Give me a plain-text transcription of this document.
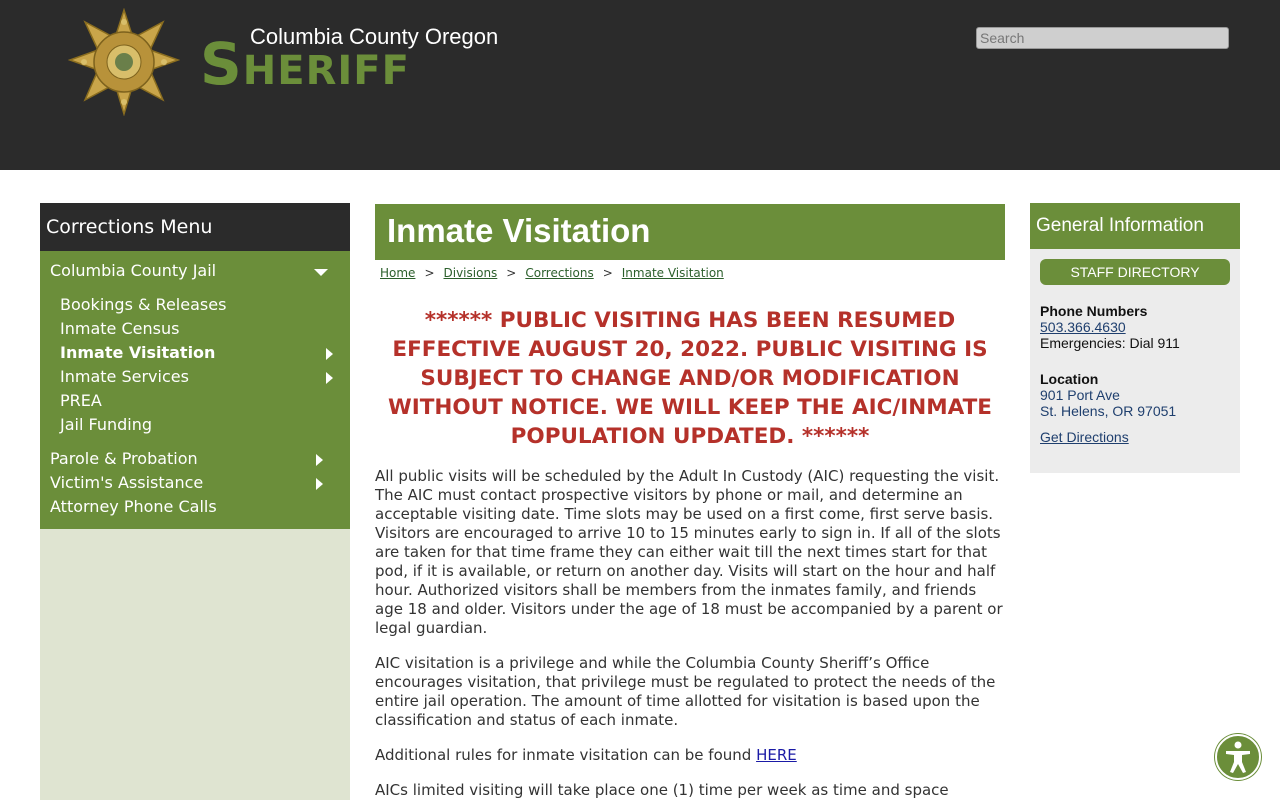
Columbia County Oregon
SHERIFF
Search
Corrections Menu
Columbia County Jail
Bookings & Releases
Inmate Census
Inmate Visitation
Inmate Services
PREA
Jail Funding
Parole & Probation
Victim's Assistance
Attorney Phone Calls
Inmate Visitation
Home > Divisions > Corrections > Inmate Visitation
****** PUBLIC VISITING HAS BEEN RESUMED EFFECTIVE AUGUST 20, 2022. PUBLIC VISITING IS SUBJECT TO CHANGE AND/OR MODIFICATION WITHOUT NOTICE. WE WILL KEEP THE AIC/INMATE POPULATION UPDATED. ******

All public visits will be scheduled by the Adult In Custody (AIC) requesting the visit. The AIC must contact prospective visitors by phone or mail, and determine an acceptable visiting date. Time slots may be used on a first come, first serve basis. Visitors are encouraged to arrive 10 to 15 minutes early to sign in. If all of the slots are taken for that time frame they can either wait till the next times start for that pod, if it is available, or return on another day. Visits will start on the hour and half hour. Authorized visitors shall be members from the inmates family, and friends age 18 and older. Visitors under the age of 18 must be accompanied by a parent or legal guardian.

AIC visitation is a privilege and while the Columbia County Sheriff’s Office encourages visitation, that privilege must be regulated to protect the needs of the entire jail operation. The amount of time allotted for visitation is based upon the classification and status of each inmate.

Additional rules for inmate visitation can be found HERE

AICs limited visiting will take place one (1) time per week as time and space

General Information
STAFF DIRECTORY
Phone Numbers
503.366.4630
Emergencies: Dial 911
Location
901 Port Ave
St. Helens, OR 97051
Get Directions
